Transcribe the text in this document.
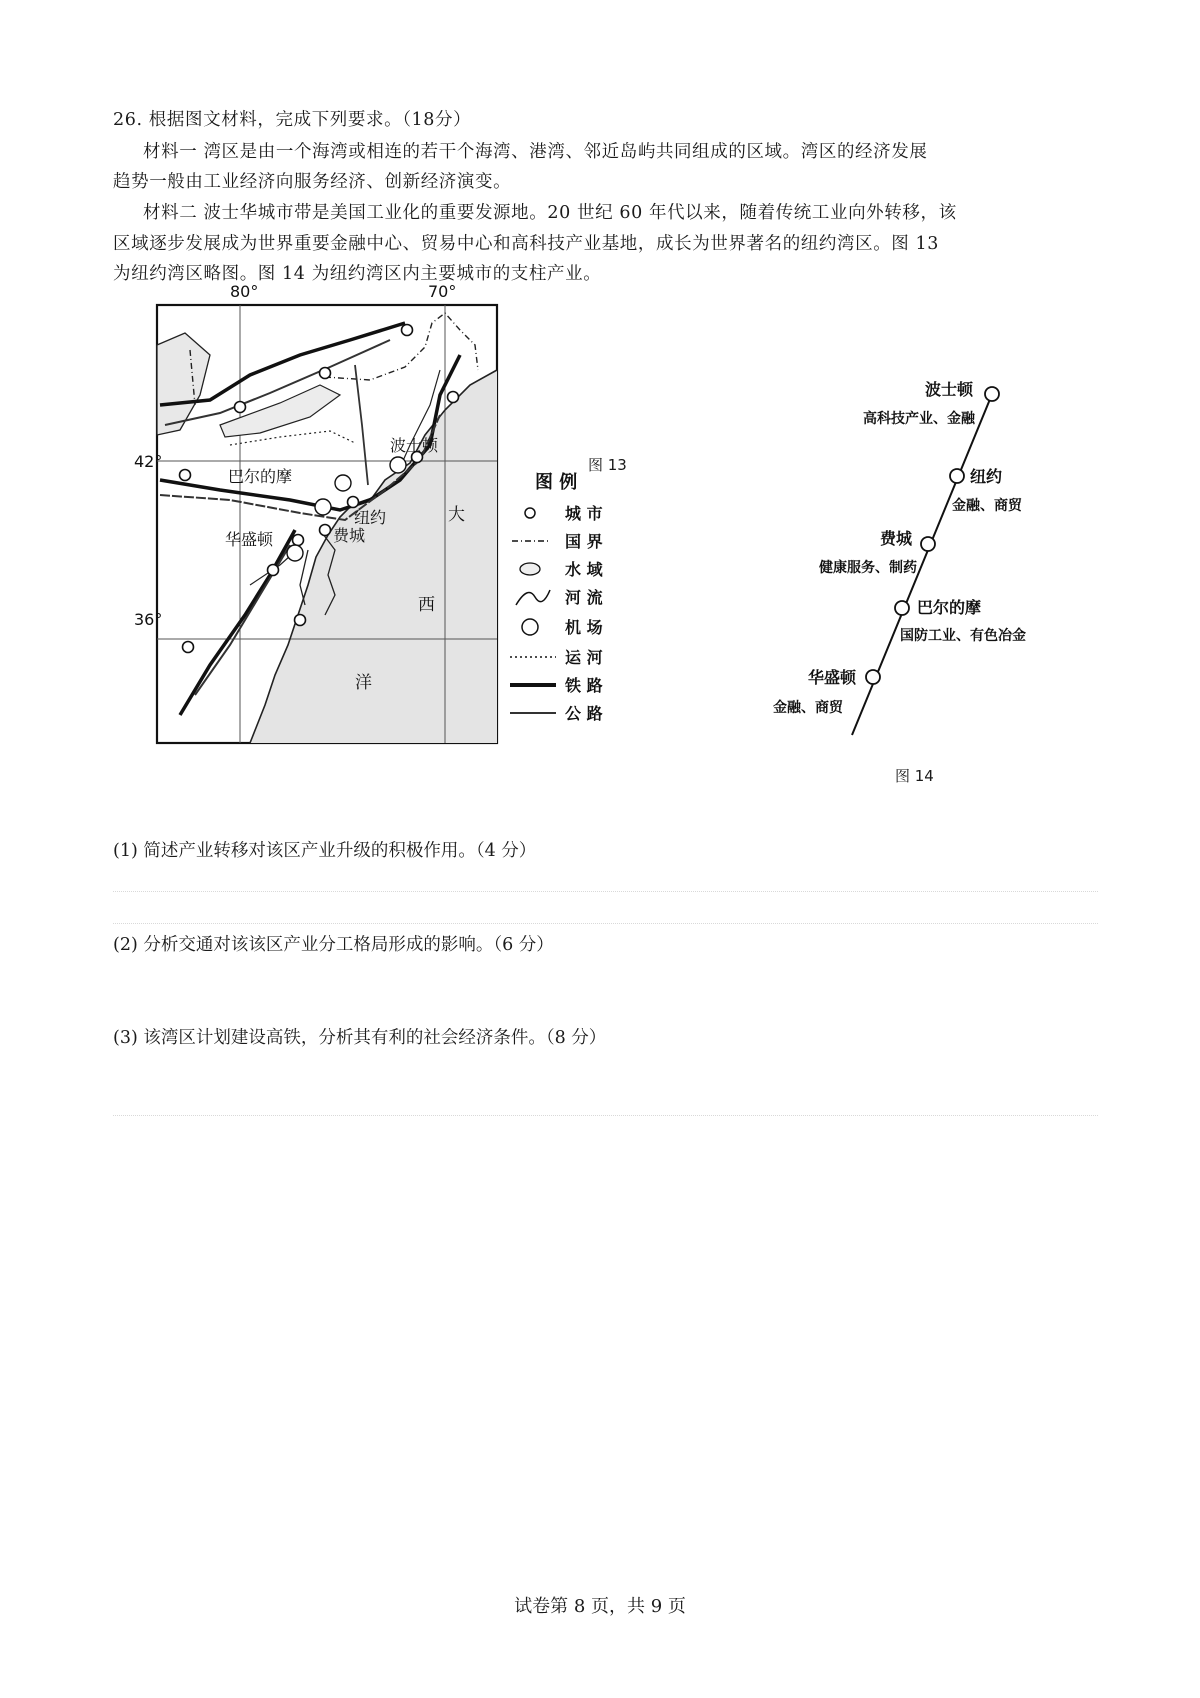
26. 根据图文材料，完成下列要求。（18分）
材料一 湾区是由一个海湾或相连的若干个海湾、港湾、邻近岛屿共同组成的区域。湾区的经济发展
趋势一般由工业经济向服务经济、创新经济演变。
材料二 波士华城市带是美国工业化的重要发源地。20 世纪 60 年代以来，随着传统工业向外转移，该
区域逐步发展成为世界重要金融中心、贸易中心和高科技产业基地，成长为世界著名的纽约湾区。图 13
为纽约湾区略图。图 14 为纽约湾区内主要城市的支柱产业。
80°	70°
42°
36°
波士顿
巴尔的摩
纽约
华盛顿	费城
大
西
洋
图 例
城 市
国 界
水 域
河 流
机 场
运 河
铁 路
公 路
图 13
波士顿
高科技产业、金融
纽约
金融、商贸
费城
健康服务、制药
巴尔的摩
国防工业、有色冶金
华盛顿
金融、商贸
图 14
(1) 简述产业转移对该区产业升级的积极作用。（4 分）
(2) 分析交通对该该区产业分工格局形成的影响。（6 分）
(3) 该湾区计划建设高铁，分析其有利的社会经济条件。（8 分）
试卷第 8 页，共 9 页
